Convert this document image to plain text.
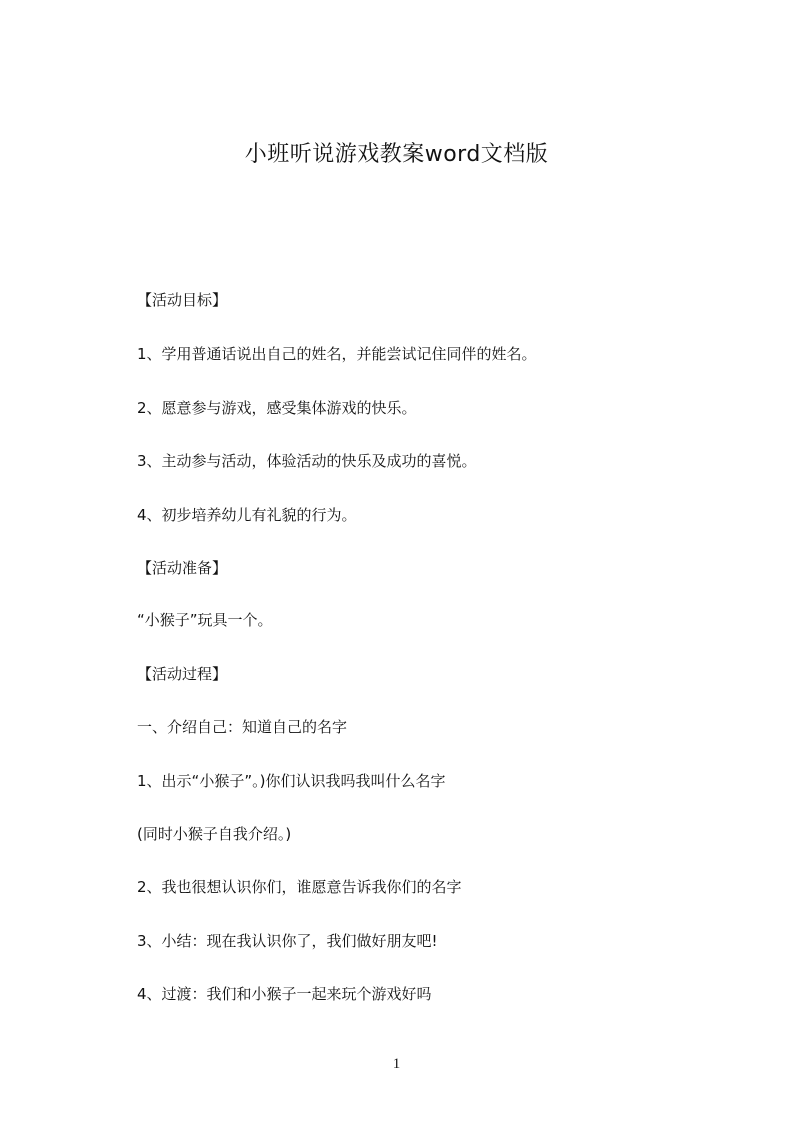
小班听说游戏教案word文档版
【活动目标】
1、学用普通话说出自己的姓名，并能尝试记住同伴的姓名。
2、愿意参与游戏，感受集体游戏的快乐。
3、主动参与活动，体验活动的快乐及成功的喜悦。
4、初步培养幼儿有礼貌的行为。
【活动准备】
“小猴子”玩具一个。
【活动过程】
一、介绍自己：知道自己的名字
1、出示“小猴子”。)你们认识我吗我叫什么名字
(同时小猴子自我介绍。)
2、我也很想认识你们，谁愿意告诉我你们的名字
3、小结：现在我认识你了，我们做好朋友吧!
4、过渡：我们和小猴子一起来玩个游戏好吗
1
